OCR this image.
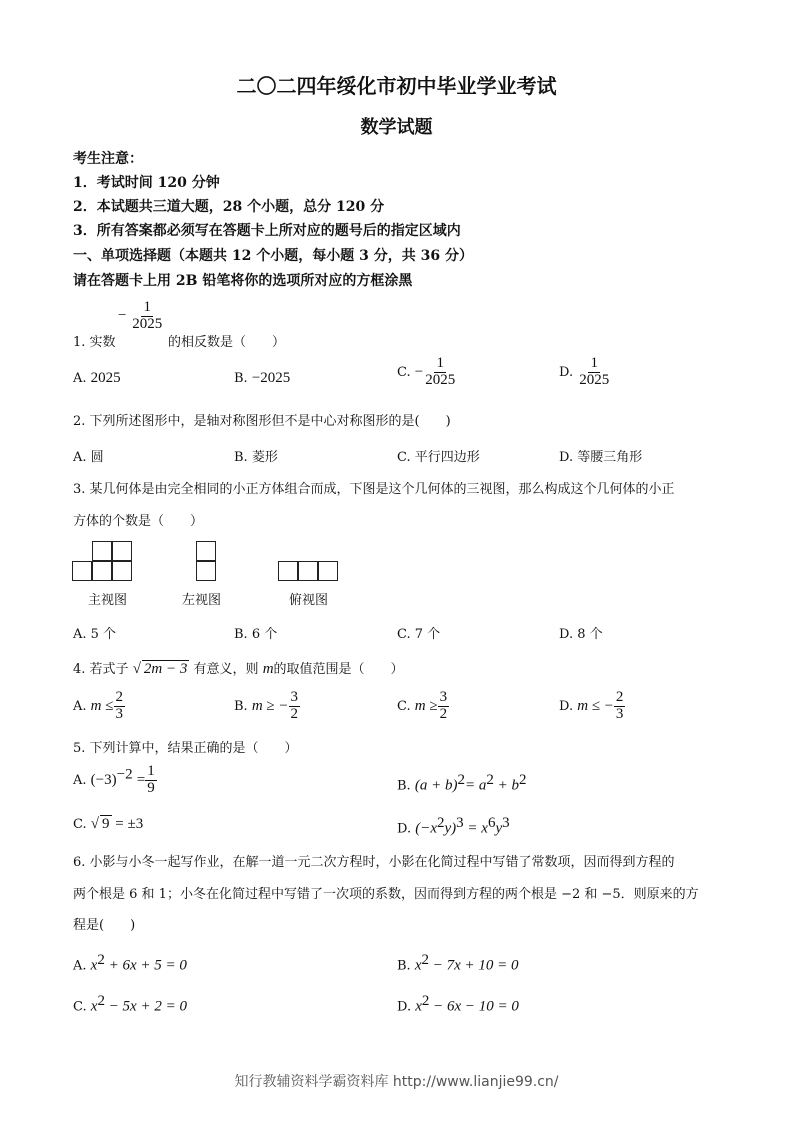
二〇二四年绥化市初中毕业学业考试
数学试题
考生注意：
1．考试时间 120 分钟
2．本试题共三道大题，28 个小题，总分 120 分
3．所有答案都必须写在答题卡上所对应的题号后的指定区域内
一、单项选择题（本题共 12 个小题，每小题 3 分，共 36 分）
请在答题卡上用 2B 铅笔将你的选项所对应的方框涂黑
1. 实数
− $\frac{1}{2025}$
的相反数是（　　）
A. 2025	B. −2025	C. − $\frac{1}{2025}$	D. $\frac{1}{2025}$
2. 下列所述图形中，是轴对称图形但不是中心对称图形的是(　　)
A. 圆	B. 菱形	C. 平行四边形	D. 等腰三角形
3. 某几何体是由完全相同的小正方体组合而成，下图是这个几何体的三视图，那么构成这个几何体的小正
方体的个数是（　　）
主视图	左视图	俯视图
A. 5 个	B. 6 个	C. 7 个	D. 8 个
4. 若式子 √ 2m − 3 有意义，则 m的取值范围是（　　）
A. $m \le \frac{2}{3}$	B. m ≥ − $\frac{3}{2}$	C. $m \ge \frac{3}{2}$	D. m ≤ − $\frac{2}{3}$
5. 下列计算中，结果正确的是（　　）
A. $(-3)^{-2} = \frac{1}{9}$	B. $(a + b)^2= a^2 + b^2$
C. √ 9 = ±3	D. $(-x^2y)^3 = x^6y^3$
6. 小影与小冬一起写作业，在解一道一元二次方程时，小影在化简过程中写错了常数项，因而得到方程的
两个根是 6 和 1；小冬在化简过程中写错了一次项的系数，因而得到方程的两个根是 −2 和 −5．则原来的方
程是(　　)
A. $x^2 + 6x + 5 = 0$	B. $x^2 - 7x + 10 = 0$
C. $x^2 - 5x + 2 = 0$	D. $x^2 - 6x - 10 = 0$
知行教辅资料学霸资料库 http://www.lianjie99.cn/
